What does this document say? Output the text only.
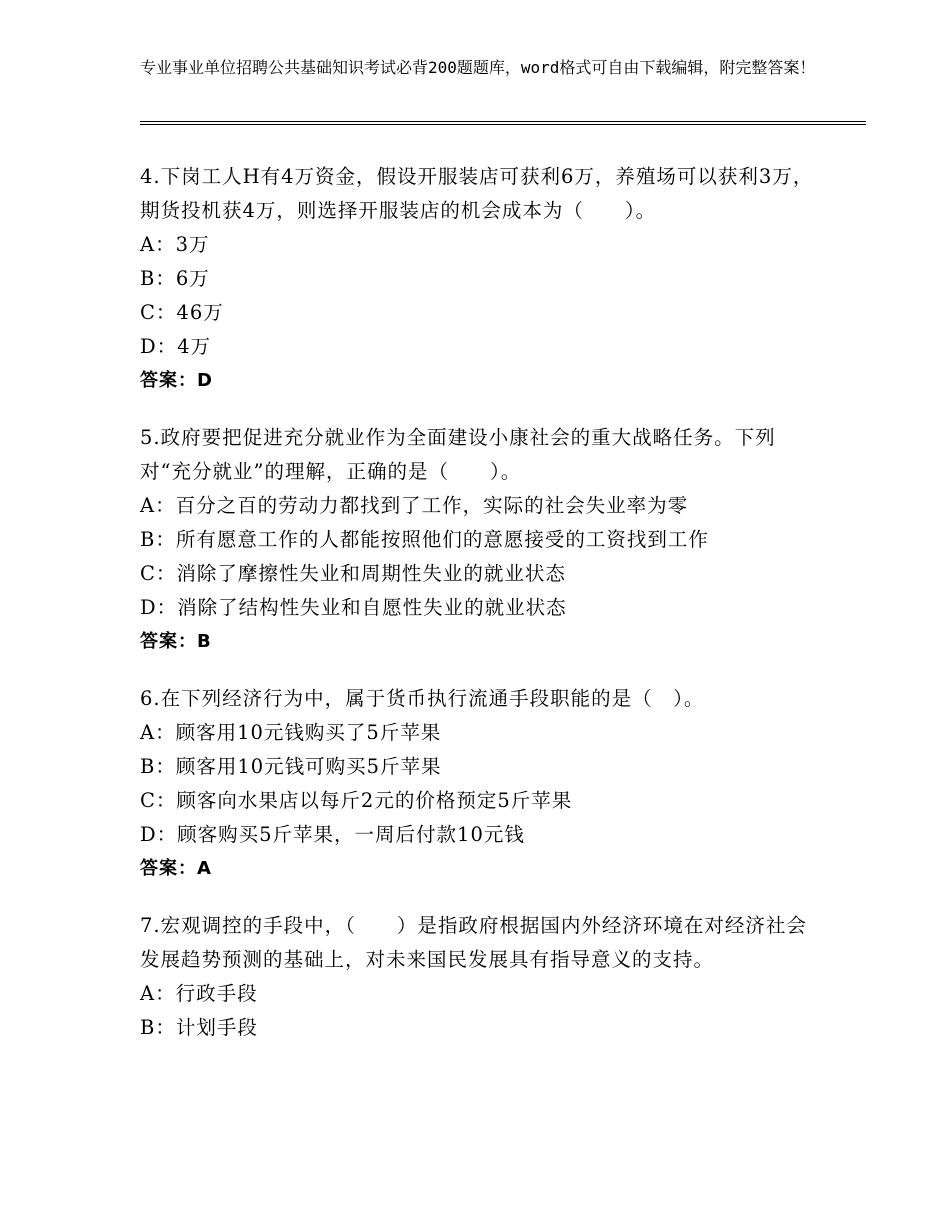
专业事业单位招聘公共基础知识考试必背200题题库，word格式可自由下载编辑，附完整答案！
4.下岗工人H有4万资金，假设开服装店可获利6万，养殖场可以获利3万，期货投机获4万，则选择开服装店的机会成本为（　　）。
A：3万
B：6万
C：46万
D：4万
答案：D
5.政府要把促进充分就业作为全面建设小康社会的重大战略任务。下列对“充分就业”的理解，正确的是（　　）。
A：百分之百的劳动力都找到了工作，实际的社会失业率为零
B：所有愿意工作的人都能按照他们的意愿接受的工资找到工作
C：消除了摩擦性失业和周期性失业的就业状态
D：消除了结构性失业和自愿性失业的就业状态
答案：B
6.在下列经济行为中，属于货币执行流通手段职能的是（　）。
A：顾客用10元钱购买了5斤苹果
B：顾客用10元钱可购买5斤苹果
C：顾客向水果店以每斤2元的价格预定5斤苹果
D：顾客购买5斤苹果，一周后付款10元钱
答案：A
7.宏观调控的手段中，（　　）是指政府根据国内外经济环境在对经济社会发展趋势预测的基础上，对未来国民发展具有指导意义的支持。
A：行政手段
B：计划手段
